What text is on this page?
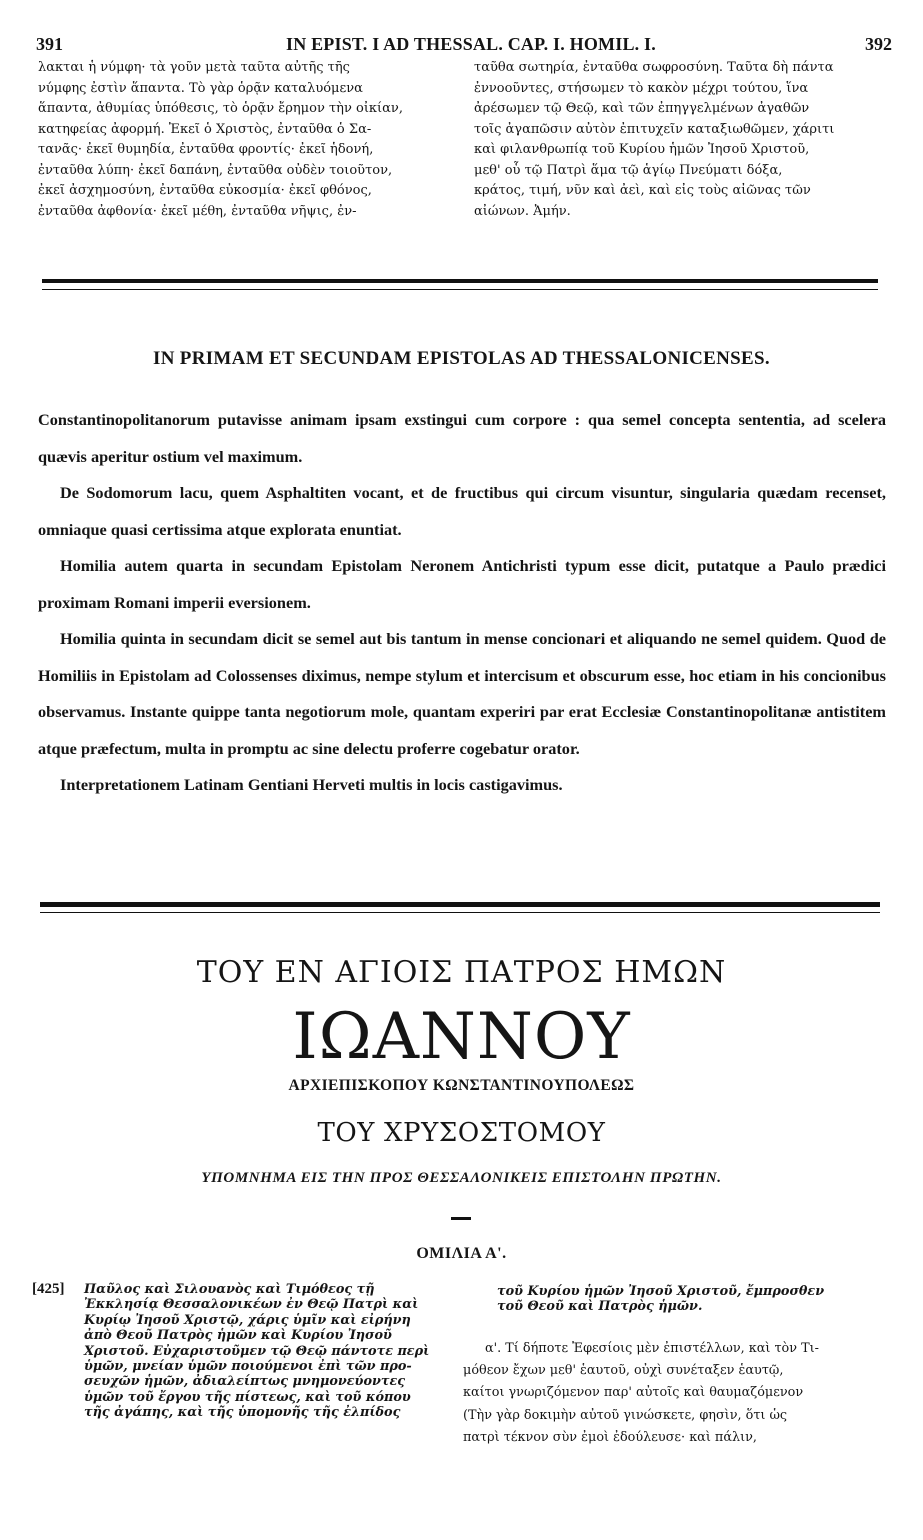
391	IN EPIST. I AD THESSAL. CAP. I. HOMIL. I.	392
λακται ἡ νύμφη· τὰ γοῦν μετὰ ταῦτα αὐτῆς τῆς
νύμφης ἐστὶν ἅπαντα. Τὸ γὰρ ὁρᾷν καταλυόμενα
ἅπαντα, ἀθυμίας ὑπόθεσις, τὸ ὁρᾷν ἔρημον τὴν οἰκίαν,
κατηφείας ἀφορμή. Ἐκεῖ ὁ Χριστὸς, ἐνταῦθα ὁ Σα-
τανᾶς· ἐκεῖ θυμηδία, ἐνταῦθα φροντίς· ἐκεῖ ἡδονή,
ἐνταῦθα λύπη· ἐκεῖ δαπάνη, ἐνταῦθα οὐδὲν τοιοῦτον,
ἐκεῖ ἀσχημοσύνη, ἐνταῦθα εὐκοσμία· ἐκεῖ φθόνος,
ἐνταῦθα ἀφθονία· ἐκεῖ μέθη, ἐνταῦθα νῆψις, ἐν-
ταῦθα σωτηρία, ἐνταῦθα σωφροσύνη. Ταῦτα δὴ πάντα
ἐννοοῦντες, στήσωμεν τὸ κακὸν μέχρι τούτου, ἵνα
ἀρέσωμεν τῷ Θεῷ, καὶ τῶν ἐπηγγελμένων ἀγαθῶν
τοῖς ἀγαπῶσιν αὐτὸν ἐπιτυχεῖν καταξιωθῶμεν, χάριτι
καὶ φιλανθρωπίᾳ τοῦ Κυρίου ἡμῶν Ἰησοῦ Χριστοῦ,
μεθ' οὗ τῷ Πατρὶ ἅμα τῷ ἁγίῳ Πνεύματι δόξα,
κράτος, τιμή, νῦν καὶ ἀεὶ, καὶ εἰς τοὺς αἰῶνας τῶν
αἰώνων. Ἀμήν.
IN PRIMAM ET SECUNDAM EPISTOLAS AD THESSALONICENSES.

Constantinopolitanorum putavisse animam ipsam exstingui cum corpore : qua semel concepta sententia, ad scelera quævis aperitur ostium vel maximum.

De Sodomorum lacu, quem Asphaltiten vocant, et de fructibus qui circum visuntur, singularia quædam recenset, omniaque quasi certissima atque explorata enuntiat.

Homilia autem quarta in secundam Epistolam Neronem Antichristi typum esse dicit, putatque a Paulo prædici proximam Romani imperii eversionem.

Homilia quinta in secundam dicit se semel aut bis tantum in mense concionari et aliquando ne semel quidem. Quod de Homiliis in Epistolam ad Colossenses diximus, nempe stylum et intercisum et obscurum esse, hoc etiam in his concionibus observamus. Instante quippe tanta negotiorum mole, quantam experiri par erat Ecclesiæ Constantinopolitanæ antistitem atque præfectum, multa in promptu ac sine delectu proferre cogebatur orator.

Interpretationem Latinam Gentiani Herveti multis in locis castigavimus.

ΤΟΥ ΕΝ ΑΓΙΟΙΣ ΠΑΤΡΟΣ ΗΜΩΝ
ΙΩΑΝΝΟΥ
ΑΡΧΙΕΠΙΣΚΟΠΟΥ ΚΩΝΣΤΑΝΤΙΝΟΥΠΟΛΕΩΣ
ΤΟΥ ΧΡΥΣΟΣΤΟΜΟΥ
ΥΠΟΜΝΗΜΑ ΕΙΣ ΤΗΝ ΠΡΟΣ ΘΕΣΣΑΛΟΝΙΚΕΙΣ ΕΠΙΣΤΟΛΗΝ ΠΡΩΤΗΝ.
ΟΜΙΛΙΑ Α'.
[425] Παῦλος καὶ Σιλουανὸς καὶ Τιμόθεος τῇ
Ἐκκλησίᾳ Θεσσαλονικέων ἐν Θεῷ Πατρὶ καὶ
Κυρίῳ Ἰησοῦ Χριστῷ, χάρις ὑμῖν καὶ εἰρήνη
ἀπὸ Θεοῦ Πατρὸς ἡμῶν καὶ Κυρίου Ἰησοῦ
Χριστοῦ. Εὐχαριστοῦμεν τῷ Θεῷ πάντοτε περὶ
ὑμῶν, μνείαν ὑμῶν ποιούμενοι ἐπὶ τῶν προ-
σευχῶν ἡμῶν, ἀδιαλείπτως μνημονεύοντες
ὑμῶν τοῦ ἔργου τῆς πίστεως, καὶ τοῦ κόπου
τῆς ἀγάπης, καὶ τῆς ὑπομονῆς τῆς ἐλπίδος
τοῦ Κυρίου ἡμῶν Ἰησοῦ Χριστοῦ, ἔμπροσθεν
τοῦ Θεοῦ καὶ Πατρὸς ἡμῶν.
α'. Τί δήποτε Ἐφεσίοις μὲν ἐπιστέλλων, καὶ τὸν Τι-
μόθεον ἔχων μεθ' ἑαυτοῦ, οὐχὶ συνέταξεν ἑαυτῷ,
καίτοι γνωριζόμενον παρ' αὐτοῖς καὶ θαυμαζόμενον
(Τὴν γὰρ δοκιμὴν αὐτοῦ γινώσκετε, φησὶν, ὅτι ὡς
πατρὶ τέκνον σὺν ἐμοὶ ἐδούλευσε· καὶ πάλιν,
